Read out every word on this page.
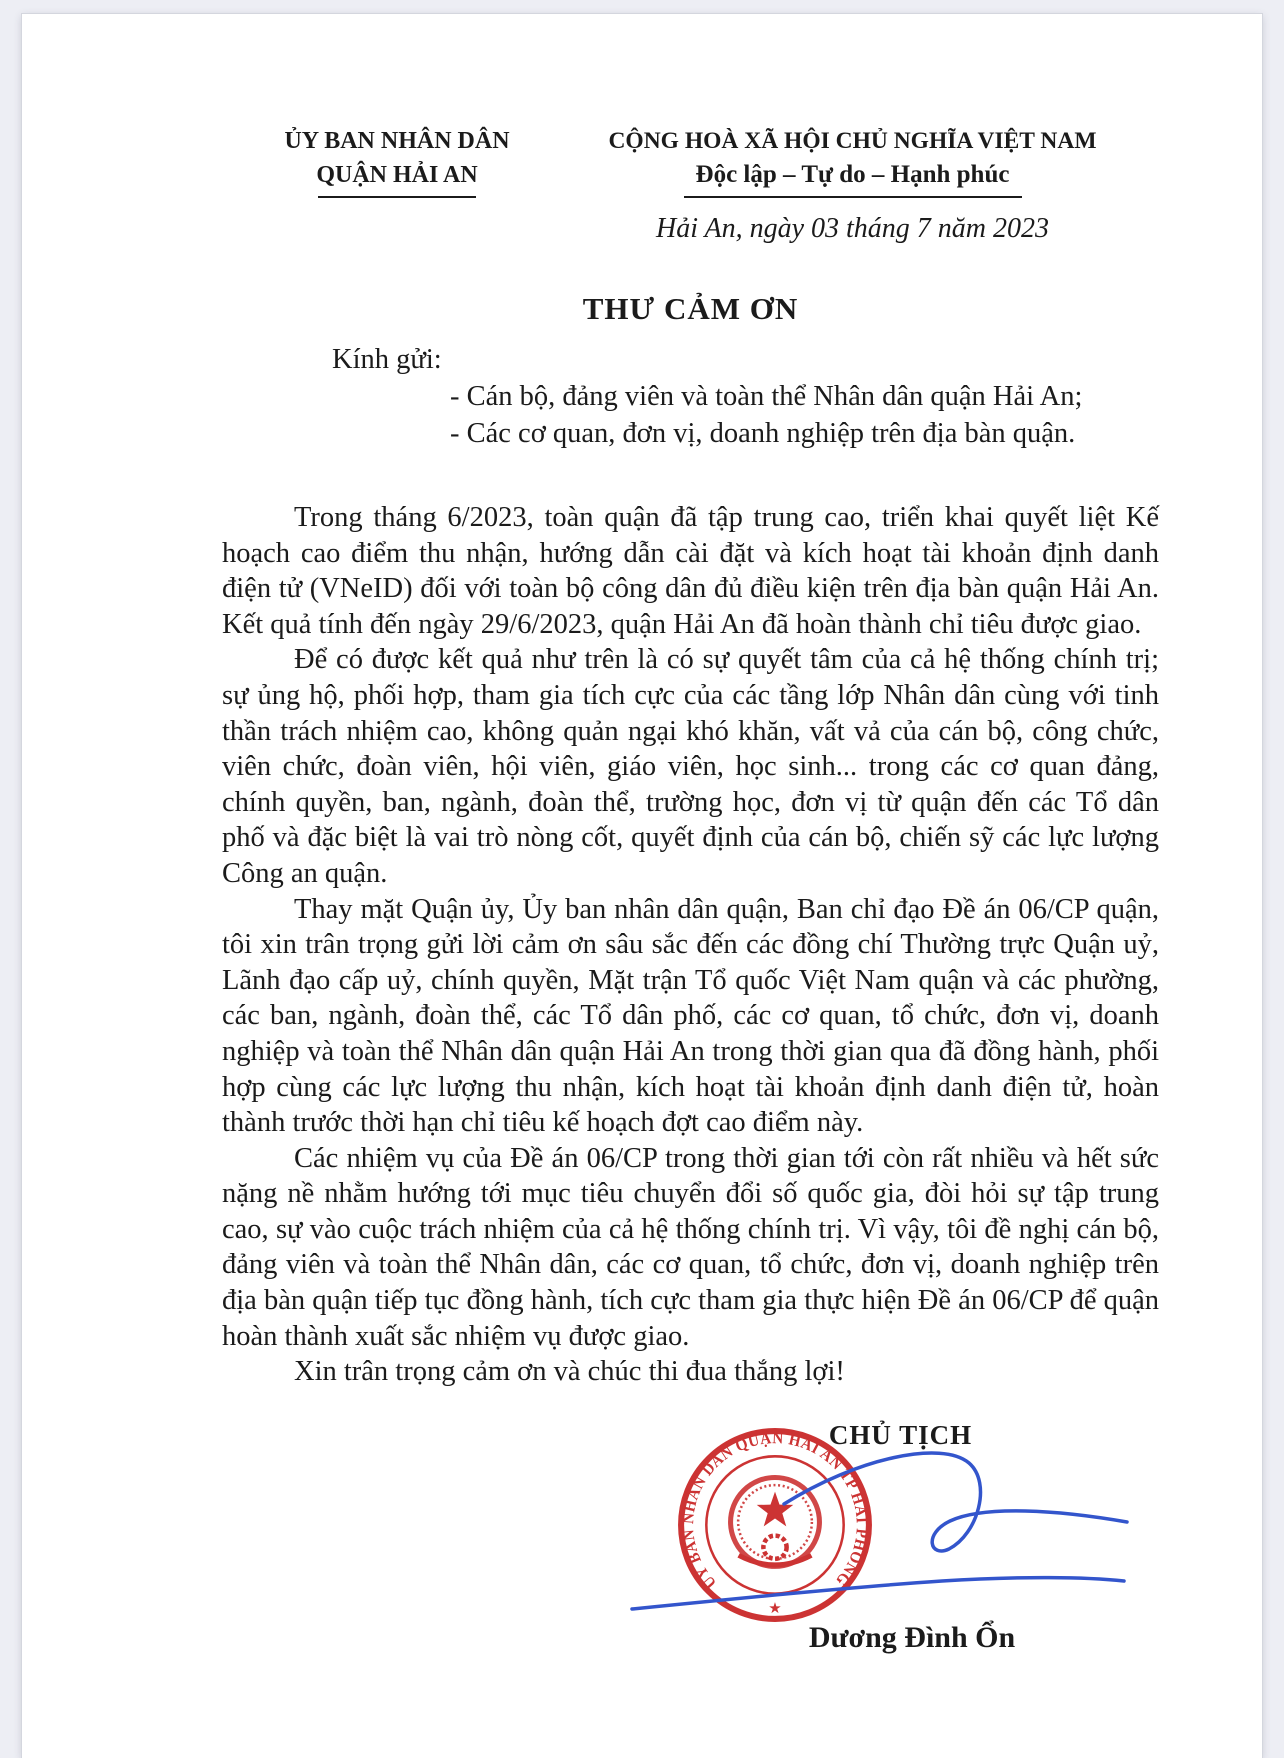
ỦY BAN NHÂN DÂN
QUẬN HẢI AN
CỘNG HOÀ XÃ HỘI CHỦ NGHĨA VIỆT NAM
Độc lập – Tự do – Hạnh phúc
Hải An, ngày 03 tháng 7 năm 2023
THƯ CẢM ƠN
Kính gửi:
- Cán bộ, đảng viên và toàn thể Nhân dân quận Hải An;
- Các cơ quan, đơn vị, doanh nghiệp trên địa bàn quận.

Trong tháng 6/2023, toàn quận đã tập trung cao, triển khai quyết liệt Kế hoạch cao điểm thu nhận, hướng dẫn cài đặt và kích hoạt tài khoản định danh điện tử (VNeID) đối với toàn bộ công dân đủ điều kiện trên địa bàn quận Hải An. Kết quả tính đến ngày 29/6/2023, quận Hải An đã hoàn thành chỉ tiêu được giao.

Để có được kết quả như trên là có sự quyết tâm của cả hệ thống chính trị; sự ủng hộ, phối hợp, tham gia tích cực của các tầng lớp Nhân dân cùng với tinh thần trách nhiệm cao, không quản ngại khó khăn, vất vả của cán bộ, công chức, viên chức, đoàn viên, hội viên, giáo viên, học sinh... trong các cơ quan đảng, chính quyền, ban, ngành, đoàn thể, trường học, đơn vị từ quận đến các Tổ dân phố và đặc biệt là vai trò nòng cốt, quyết định của cán bộ, chiến sỹ các lực lượng Công an quận.

Thay mặt Quận ủy, Ủy ban nhân dân quận, Ban chỉ đạo Đề án 06/CP quận, tôi xin trân trọng gửi lời cảm ơn sâu sắc đến các đồng chí Thường trực Quận uỷ, Lãnh đạo cấp uỷ, chính quyền, Mặt trận Tổ quốc Việt Nam quận và các phường, các ban, ngành, đoàn thể, các Tổ dân phố, các cơ quan, tổ chức, đơn vị, doanh nghiệp và toàn thể Nhân dân quận Hải An trong thời gian qua đã đồng hành, phối hợp cùng các lực lượng thu nhận, kích hoạt tài khoản định danh điện tử, hoàn thành trước thời hạn chỉ tiêu kế hoạch đợt cao điểm này.

Các nhiệm vụ của Đề án 06/CP trong thời gian tới còn rất nhiều và hết sức nặng nề nhằm hướng tới mục tiêu chuyển đổi số quốc gia, đòi hỏi sự tập trung cao, sự vào cuộc trách nhiệm của cả hệ thống chính trị. Vì vậy, tôi đề nghị cán bộ, đảng viên và toàn thể Nhân dân, các cơ quan, tổ chức, đơn vị, doanh nghiệp trên địa bàn quận tiếp tục đồng hành, tích cực tham gia thực hiện Đề án 06/CP để quận hoàn thành xuất sắc nhiệm vụ được giao.

Xin trân trọng cảm ơn và chúc thi đua thắng lợi!

CHỦ TỊCH
UỶ BAN NHÂN DÂN QUẬN HẢI AN TP HẢI PHÒNG
★
Dương Đình Ổn
